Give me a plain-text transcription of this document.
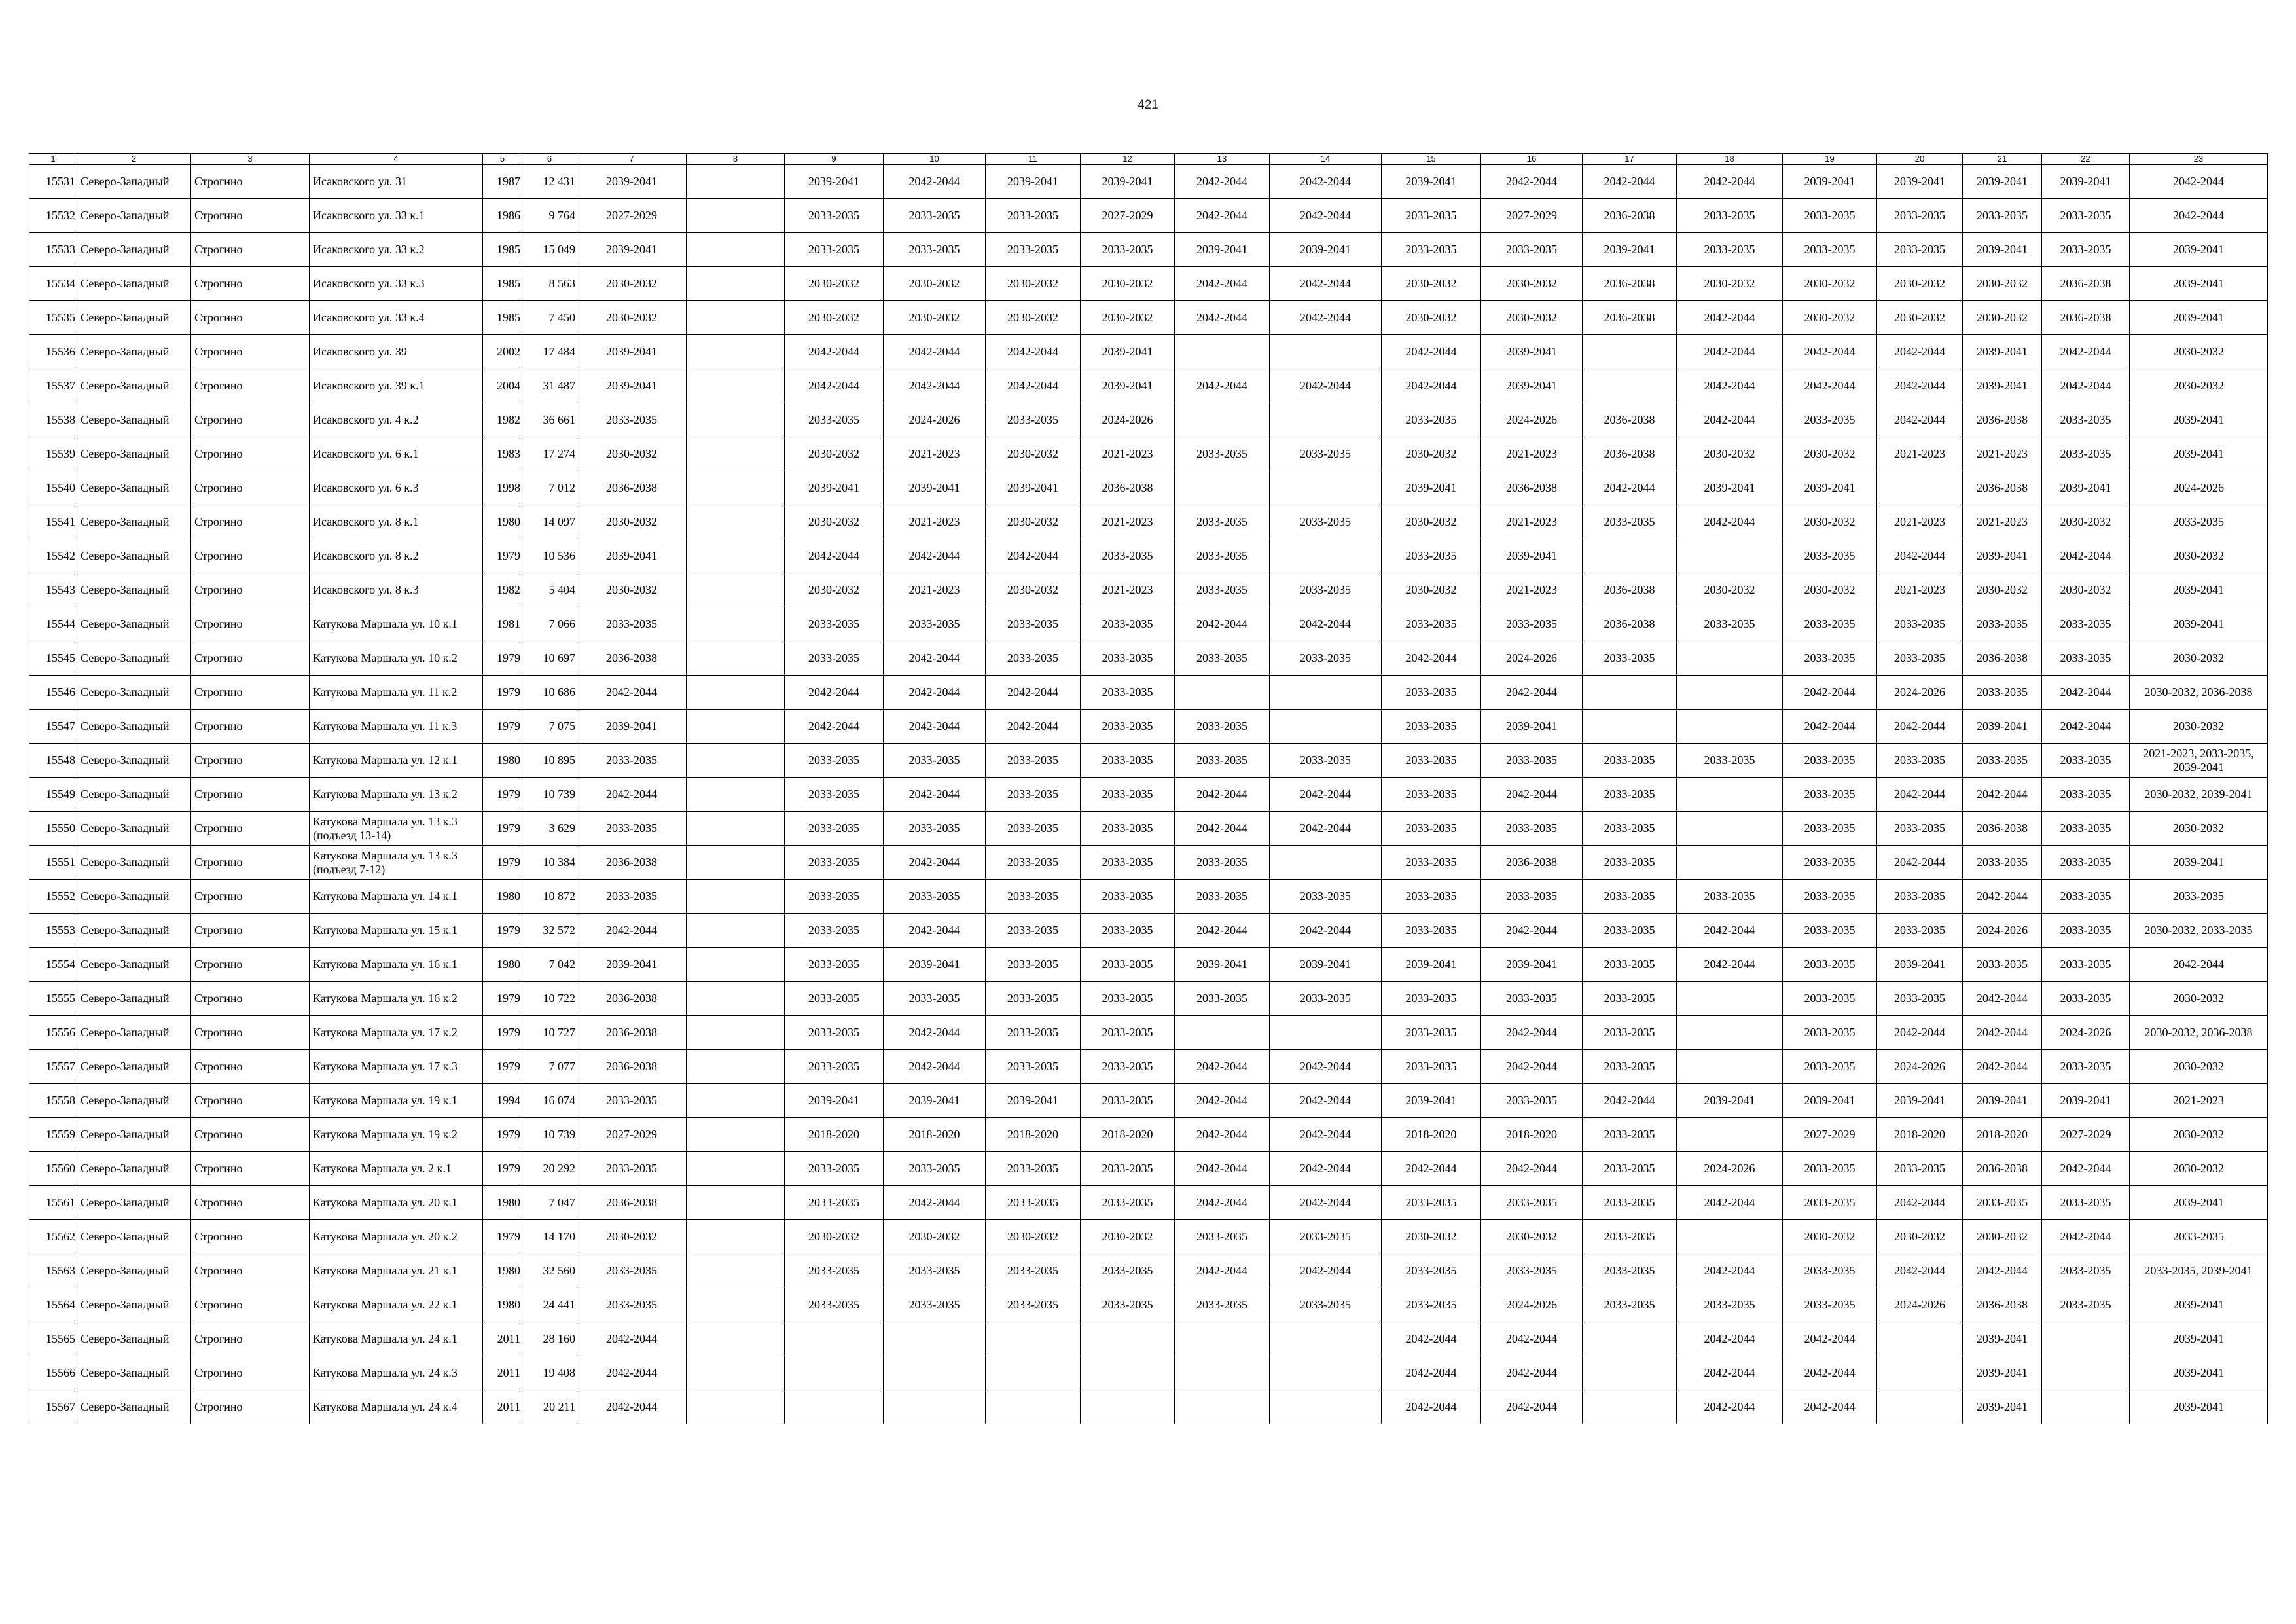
421
1	2	3	4	5	6	7	8	9	10	11	12	13	14	15	16	17	18	19	20	21	22	23
15531	Северо-Западный	Строгино	Исаковского ул. 31	1987	12 431	2039-2041		2039-2041	2042-2044	2039-2041	2039-2041	2042-2044	2042-2044	2039-2041	2042-2044	2042-2044	2042-2044	2039-2041	2039-2041	2039-2041	2039-2041	2042-2044
15532	Северо-Западный	Строгино	Исаковского ул. 33 к.1	1986	9 764	2027-2029		2033-2035	2033-2035	2033-2035	2027-2029	2042-2044	2042-2044	2033-2035	2027-2029	2036-2038	2033-2035	2033-2035	2033-2035	2033-2035	2033-2035	2042-2044
15533	Северо-Западный	Строгино	Исаковского ул. 33 к.2	1985	15 049	2039-2041		2033-2035	2033-2035	2033-2035	2033-2035	2039-2041	2039-2041	2033-2035	2033-2035	2039-2041	2033-2035	2033-2035	2033-2035	2039-2041	2033-2035	2039-2041
15534	Северо-Западный	Строгино	Исаковского ул. 33 к.3	1985	8 563	2030-2032		2030-2032	2030-2032	2030-2032	2030-2032	2042-2044	2042-2044	2030-2032	2030-2032	2036-2038	2030-2032	2030-2032	2030-2032	2030-2032	2036-2038	2039-2041
15535	Северо-Западный	Строгино	Исаковского ул. 33 к.4	1985	7 450	2030-2032		2030-2032	2030-2032	2030-2032	2030-2032	2042-2044	2042-2044	2030-2032	2030-2032	2036-2038	2042-2044	2030-2032	2030-2032	2030-2032	2036-2038	2039-2041
15536	Северо-Западный	Строгино	Исаковского ул. 39	2002	17 484	2039-2041		2042-2044	2042-2044	2042-2044	2039-2041			2042-2044	2039-2041		2042-2044	2042-2044	2042-2044	2039-2041	2042-2044	2030-2032
15537	Северо-Западный	Строгино	Исаковского ул. 39 к.1	2004	31 487	2039-2041		2042-2044	2042-2044	2042-2044	2039-2041	2042-2044	2042-2044	2042-2044	2039-2041		2042-2044	2042-2044	2042-2044	2039-2041	2042-2044	2030-2032
15538	Северо-Западный	Строгино	Исаковского ул. 4 к.2	1982	36 661	2033-2035		2033-2035	2024-2026	2033-2035	2024-2026			2033-2035	2024-2026	2036-2038	2042-2044	2033-2035	2042-2044	2036-2038	2033-2035	2039-2041
15539	Северо-Западный	Строгино	Исаковского ул. 6 к.1	1983	17 274	2030-2032		2030-2032	2021-2023	2030-2032	2021-2023	2033-2035	2033-2035	2030-2032	2021-2023	2036-2038	2030-2032	2030-2032	2021-2023	2021-2023	2033-2035	2039-2041
15540	Северо-Западный	Строгино	Исаковского ул. 6 к.3	1998	7 012	2036-2038		2039-2041	2039-2041	2039-2041	2036-2038			2039-2041	2036-2038	2042-2044	2039-2041	2039-2041		2036-2038	2039-2041	2024-2026
15541	Северо-Западный	Строгино	Исаковского ул. 8 к.1	1980	14 097	2030-2032		2030-2032	2021-2023	2030-2032	2021-2023	2033-2035	2033-2035	2030-2032	2021-2023	2033-2035	2042-2044	2030-2032	2021-2023	2021-2023	2030-2032	2033-2035
15542	Северо-Западный	Строгино	Исаковского ул. 8 к.2	1979	10 536	2039-2041		2042-2044	2042-2044	2042-2044	2033-2035	2033-2035		2033-2035	2039-2041			2033-2035	2042-2044	2039-2041	2042-2044	2030-2032
15543	Северо-Западный	Строгино	Исаковского ул. 8 к.3	1982	5 404	2030-2032		2030-2032	2021-2023	2030-2032	2021-2023	2033-2035	2033-2035	2030-2032	2021-2023	2036-2038	2030-2032	2030-2032	2021-2023	2030-2032	2030-2032	2039-2041
15544	Северо-Западный	Строгино	Катукова Маршала ул. 10 к.1	1981	7 066	2033-2035		2033-2035	2033-2035	2033-2035	2033-2035	2042-2044	2042-2044	2033-2035	2033-2035	2036-2038	2033-2035	2033-2035	2033-2035	2033-2035	2033-2035	2039-2041
15545	Северо-Западный	Строгино	Катукова Маршала ул. 10 к.2	1979	10 697	2036-2038		2033-2035	2042-2044	2033-2035	2033-2035	2033-2035	2033-2035	2042-2044	2024-2026	2033-2035		2033-2035	2033-2035	2036-2038	2033-2035	2030-2032
15546	Северо-Западный	Строгино	Катукова Маршала ул. 11 к.2	1979	10 686	2042-2044		2042-2044	2042-2044	2042-2044	2033-2035			2033-2035	2042-2044			2042-2044	2024-2026	2033-2035	2042-2044	2030-2032, 2036-2038
15547	Северо-Западный	Строгино	Катукова Маршала ул. 11 к.3	1979	7 075	2039-2041		2042-2044	2042-2044	2042-2044	2033-2035	2033-2035		2033-2035	2039-2041			2042-2044	2042-2044	2039-2041	2042-2044	2030-2032
15548	Северо-Западный	Строгино	Катукова Маршала ул. 12 к.1	1980	10 895	2033-2035		2033-2035	2033-2035	2033-2035	2033-2035	2033-2035	2033-2035	2033-2035	2033-2035	2033-2035	2033-2035	2033-2035	2033-2035	2033-2035	2033-2035	2021-2023, 2033-2035, 2039-2041
15549	Северо-Западный	Строгино	Катукова Маршала ул. 13 к.2	1979	10 739	2042-2044		2033-2035	2042-2044	2033-2035	2033-2035	2042-2044	2042-2044	2033-2035	2042-2044	2033-2035		2033-2035	2042-2044	2042-2044	2033-2035	2030-2032, 2039-2041
15550	Северо-Западный	Строгино	Катукова Маршала ул. 13 к.3 (подъезд 13-14)	1979	3 629	2033-2035		2033-2035	2033-2035	2033-2035	2033-2035	2042-2044	2042-2044	2033-2035	2033-2035	2033-2035		2033-2035	2033-2035	2036-2038	2033-2035	2030-2032
15551	Северо-Западный	Строгино	Катукова Маршала ул. 13 к.3 (подъезд 7-12)	1979	10 384	2036-2038		2033-2035	2042-2044	2033-2035	2033-2035	2033-2035		2033-2035	2036-2038	2033-2035		2033-2035	2042-2044	2033-2035	2033-2035	2039-2041
15552	Северо-Западный	Строгино	Катукова Маршала ул. 14 к.1	1980	10 872	2033-2035		2033-2035	2033-2035	2033-2035	2033-2035	2033-2035	2033-2035	2033-2035	2033-2035	2033-2035	2033-2035	2033-2035	2033-2035	2042-2044	2033-2035	2033-2035
15553	Северо-Западный	Строгино	Катукова Маршала ул. 15 к.1	1979	32 572	2042-2044		2033-2035	2042-2044	2033-2035	2033-2035	2042-2044	2042-2044	2033-2035	2042-2044	2033-2035	2042-2044	2033-2035	2033-2035	2024-2026	2033-2035	2030-2032, 2033-2035
15554	Северо-Западный	Строгино	Катукова Маршала ул. 16 к.1	1980	7 042	2039-2041		2033-2035	2039-2041	2033-2035	2033-2035	2039-2041	2039-2041	2039-2041	2039-2041	2033-2035	2042-2044	2033-2035	2039-2041	2033-2035	2033-2035	2042-2044
15555	Северо-Западный	Строгино	Катукова Маршала ул. 16 к.2	1979	10 722	2036-2038		2033-2035	2033-2035	2033-2035	2033-2035	2033-2035	2033-2035	2033-2035	2033-2035	2033-2035		2033-2035	2033-2035	2042-2044	2033-2035	2030-2032
15556	Северо-Западный	Строгино	Катукова Маршала ул. 17 к.2	1979	10 727	2036-2038		2033-2035	2042-2044	2033-2035	2033-2035			2033-2035	2042-2044	2033-2035		2033-2035	2042-2044	2042-2044	2024-2026	2030-2032, 2036-2038
15557	Северо-Западный	Строгино	Катукова Маршала ул. 17 к.3	1979	7 077	2036-2038		2033-2035	2042-2044	2033-2035	2033-2035	2042-2044	2042-2044	2033-2035	2042-2044	2033-2035		2033-2035	2024-2026	2042-2044	2033-2035	2030-2032
15558	Северо-Западный	Строгино	Катукова Маршала ул. 19 к.1	1994	16 074	2033-2035		2039-2041	2039-2041	2039-2041	2033-2035	2042-2044	2042-2044	2039-2041	2033-2035	2042-2044	2039-2041	2039-2041	2039-2041	2039-2041	2039-2041	2021-2023
15559	Северо-Западный	Строгино	Катукова Маршала ул. 19 к.2	1979	10 739	2027-2029		2018-2020	2018-2020	2018-2020	2018-2020	2042-2044	2042-2044	2018-2020	2018-2020	2033-2035		2027-2029	2018-2020	2018-2020	2027-2029	2030-2032
15560	Северо-Западный	Строгино	Катукова Маршала ул. 2 к.1	1979	20 292	2033-2035		2033-2035	2033-2035	2033-2035	2033-2035	2042-2044	2042-2044	2042-2044	2042-2044	2033-2035	2024-2026	2033-2035	2033-2035	2036-2038	2042-2044	2030-2032
15561	Северо-Западный	Строгино	Катукова Маршала ул. 20 к.1	1980	7 047	2036-2038		2033-2035	2042-2044	2033-2035	2033-2035	2042-2044	2042-2044	2033-2035	2033-2035	2033-2035	2042-2044	2033-2035	2042-2044	2033-2035	2033-2035	2039-2041
15562	Северо-Западный	Строгино	Катукова Маршала ул. 20 к.2	1979	14 170	2030-2032		2030-2032	2030-2032	2030-2032	2030-2032	2033-2035	2033-2035	2030-2032	2030-2032	2033-2035		2030-2032	2030-2032	2030-2032	2042-2044	2033-2035
15563	Северо-Западный	Строгино	Катукова Маршала ул. 21 к.1	1980	32 560	2033-2035		2033-2035	2033-2035	2033-2035	2033-2035	2042-2044	2042-2044	2033-2035	2033-2035	2033-2035	2042-2044	2033-2035	2042-2044	2042-2044	2033-2035	2033-2035, 2039-2041
15564	Северо-Западный	Строгино	Катукова Маршала ул. 22 к.1	1980	24 441	2033-2035		2033-2035	2033-2035	2033-2035	2033-2035	2033-2035	2033-2035	2033-2035	2024-2026	2033-2035	2033-2035	2033-2035	2024-2026	2036-2038	2033-2035	2039-2041
15565	Северо-Западный	Строгино	Катукова Маршала ул. 24 к.1	2011	28 160	2042-2044								2042-2044	2042-2044		2042-2044	2042-2044		2039-2041		2039-2041
15566	Северо-Западный	Строгино	Катукова Маршала ул. 24 к.3	2011	19 408	2042-2044								2042-2044	2042-2044		2042-2044	2042-2044		2039-2041		2039-2041
15567	Северо-Западный	Строгино	Катукова Маршала ул. 24 к.4	2011	20 211	2042-2044								2042-2044	2042-2044		2042-2044	2042-2044		2039-2041		2039-2041
